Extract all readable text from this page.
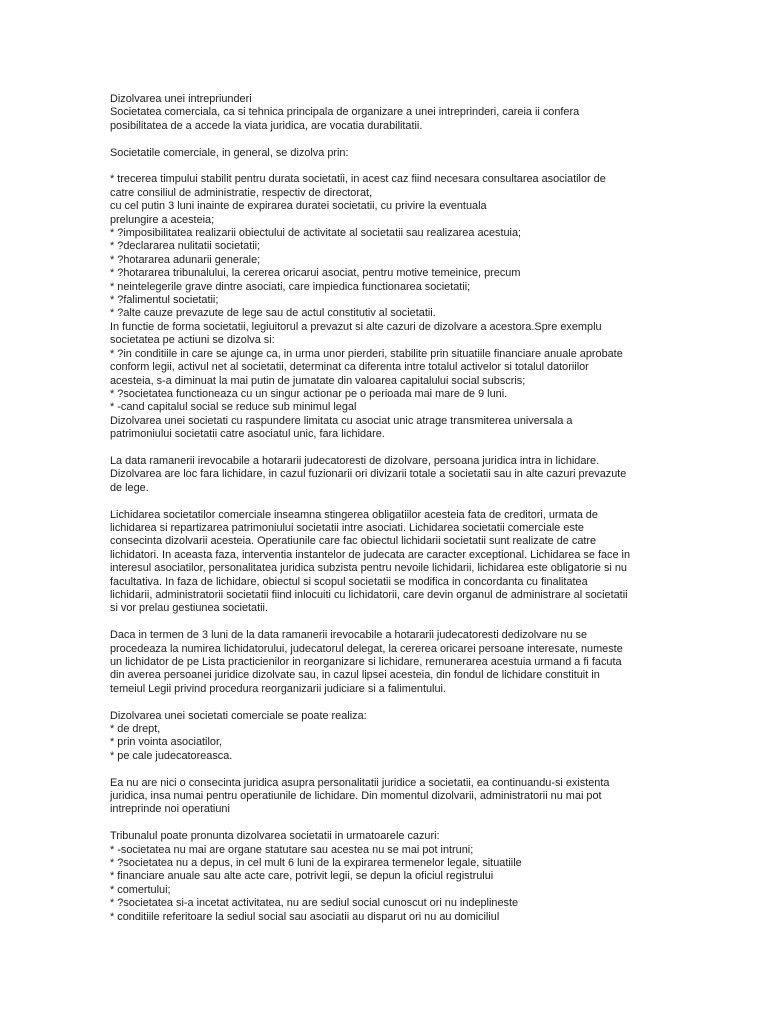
Dizolvarea unei intrepriunderi
Societatea comerciala, ca si tehnica principala de organizare a unei intreprinderi, careia ii confera
posibilitatea de a accede la viata juridica, are vocatia durabilitatii.
Societatile comerciale, in general, se dizolva prin:
* trecerea timpului stabilit pentru durata societatii, in acest caz fiind necesara consultarea asociatilor de
catre consiliul de administratie, respectiv de directorat,
cu cel putin 3 luni inainte de expirarea duratei societatii, cu privire la eventuala
prelungire a acesteia;
* ?imposibilitatea realizarii obiectului de activitate al societatii sau realizarea acestuia;
* ?declararea nulitatii societatii;
* ?hotararea adunarii generale;
* ?hotararea tribunalului, la cererea oricarui asociat, pentru motive temeinice, precum
* neintelegerile grave dintre asociati, care impiedica functionarea societatii;
* ?falimentul societatii;
* ?alte cauze prevazute de lege sau de actul constitutiv al societatii.
In functie de forma societatii, legiuitorul a prevazut si alte cazuri de dizolvare a acestora.Spre exemplu
societatea pe actiuni se dizolva si:
* ?in conditiile in care se ajunge ca, in urma unor pierderi, stabilite prin situatiile financiare anuale aprobate
conform legii, activul net al societatii, determinat ca diferenta intre totalul activelor si totalul datoriilor
acesteia, s-a diminuat la mai putin de jumatate din valoarea capitalului social subscris;
* ?societatea functioneaza cu un singur actionar pe o perioada mai mare de 9 luni.
* -cand capitalul social se reduce sub minimul legal
Dizolvarea unei societati cu raspundere limitata cu asociat unic atrage transmiterea universala a
patrimoniului societatii catre asociatul unic, fara lichidare.
La data ramanerii irevocabile a hotararii judecatoresti de dizolvare, persoana juridica intra in lichidare.
Dizolvarea are loc fara lichidare, in cazul fuzionarii ori divizarii totale a societatii sau in alte cazuri prevazute
de lege.
Lichidarea societatilor comerciale inseamna stingerea obligatiilor acesteia fata de creditori, urmata de
lichidarea si repartizarea patrimoniului societatii intre asociati. Lichidarea societatii comerciale este
consecinta dizolvarii acesteia. Operatiunile care fac obiectul lichidarii societatii sunt realizate de catre
lichidatori. In aceasta faza, interventia instantelor de judecata are caracter exceptional. Lichidarea se face in
interesul asociatilor, personalitatea juridica subzista pentru nevoile lichidarii, lichidarea este obligatorie si nu
facultativa. In faza de lichidare, obiectul si scopul societatii se modifica in concordanta cu finalitatea
lichidarii, administratorii societatii fiind inlocuiti cu lichidatorii, care devin organul de administrare al societatii
si vor prelau gestiunea societatii.
Daca in termen de 3 luni de la data ramanerii irevocabile a hotararii judecatoresti dedizolvare nu se
procedeaza la numirea lichidatorului, judecatorul delegat, la cererea oricarei persoane interesate, numeste
un lichidator de pe Lista practicienilor in reorganizare si lichidare, remunerarea acestuia urmand a fi facuta
din averea persoanei juridice dizolvate sau, in cazul lipsei acesteia, din fondul de lichidare constituit in
temeiul Legii privind procedura reorganizarii judiciare si a falimentului.
Dizolvarea unei societati comerciale se poate realiza:
* de drept,
* prin vointa asociatilor,
* pe cale judecatoreasca.
Ea nu are nici o consecinta juridica asupra personalitatii juridice a societatii, ea continuandu-si existenta
juridica, insa numai pentru operatiunile de lichidare. Din momentul dizolvarii, administratorii nu mai pot
intreprinde noi operatiuni
Tribunalul poate pronunta dizolvarea societatii in urmatoarele cazuri:
* -societatea nu mai are organe statutare sau acestea nu se mai pot intruni;
* ?societatea nu a depus, in cel mult 6 luni de la expirarea termenelor legale, situatiile
* financiare anuale sau alte acte care, potrivit legii, se depun la oficiul registrului
* comertului;
* ?societatea si-a incetat activitatea, nu are sediul social cunoscut ori nu indeplineste
* conditiile referitoare la sediul social sau asociatii au disparut ori nu au domiciliul
